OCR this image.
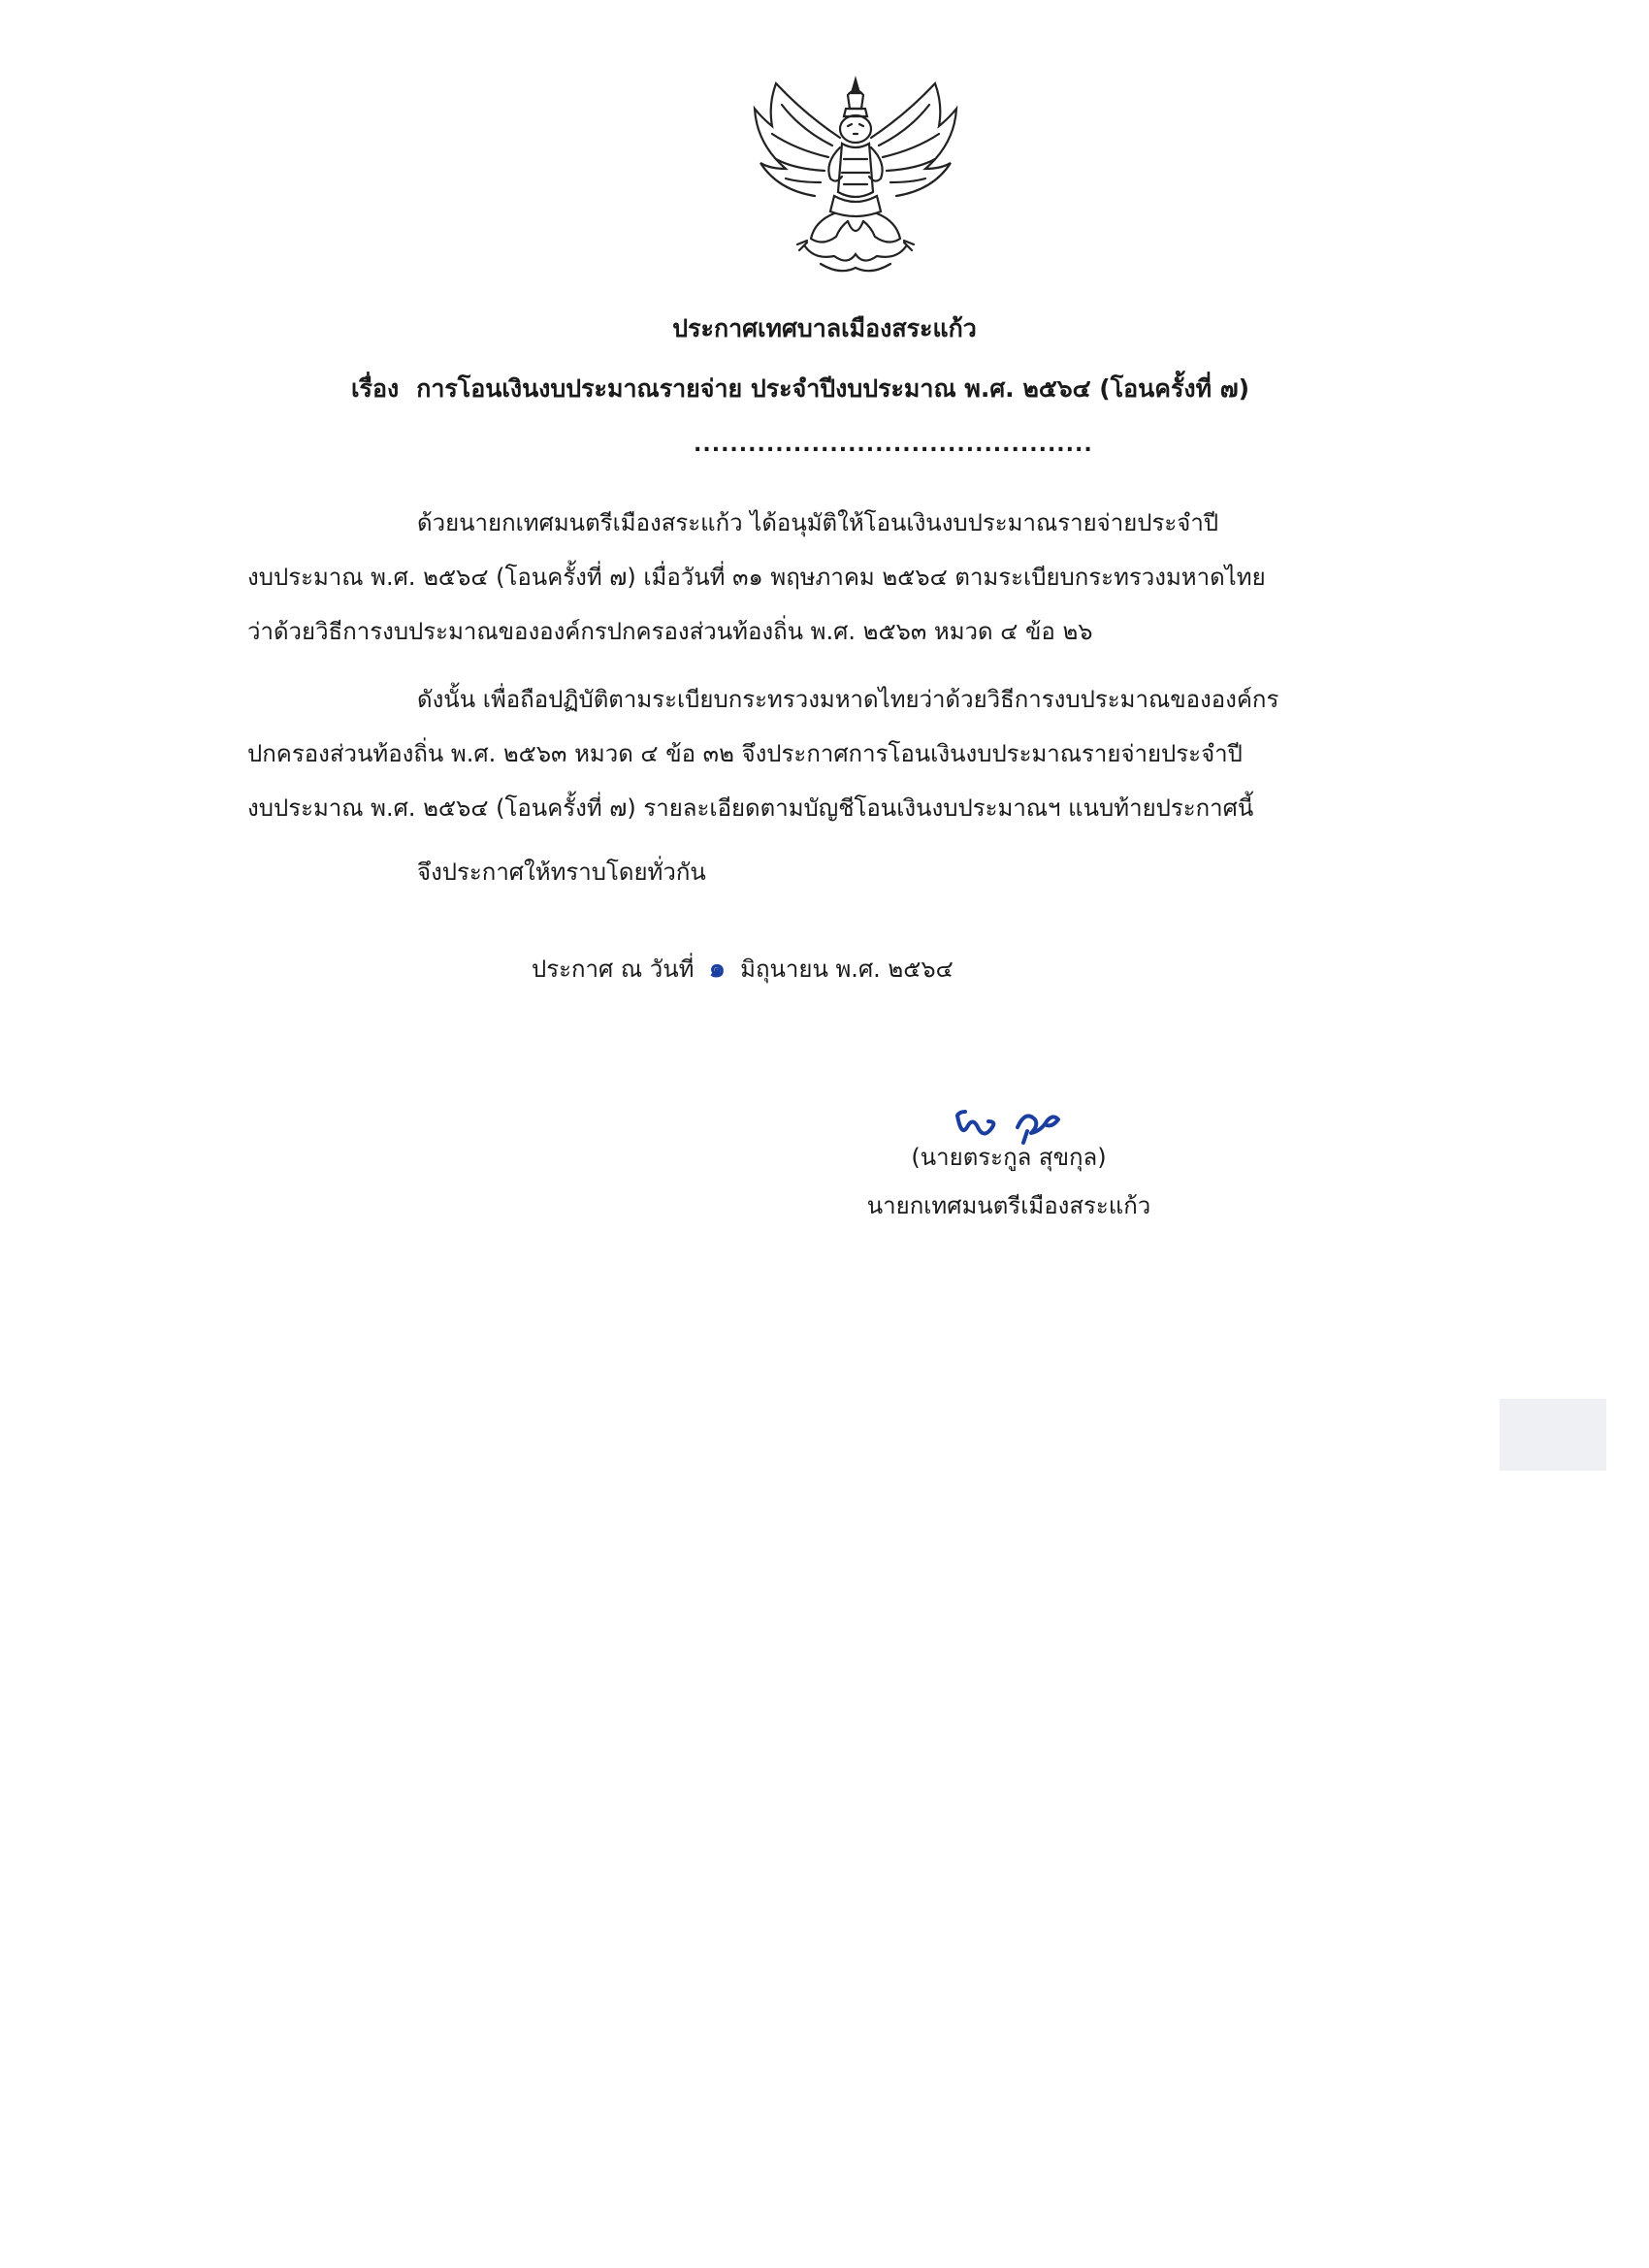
ประกาศเทศบาลเมืองสระแก้ว
เรื่อง การโอนเงินงบประมาณรายจ่าย ประจำปีงบประมาณ พ.ศ. ๒๕๖๔ (โอนครั้งที่ ๗)
............................................
ด้วยนายกเทศมนตรีเมืองสระแก้ว ได้อนุมัติให้โอนเงินงบประมาณรายจ่ายประจำปี
งบประมาณ พ.ศ. ๒๕๖๔ (โอนครั้งที่ ๗) เมื่อวันที่ ๓๑ พฤษภาคม ๒๕๖๔ ตามระเบียบกระทรวงมหาดไทย
ว่าด้วยวิธีการงบประมาณขององค์กรปกครองส่วนท้องถิ่น พ.ศ. ๒๕๖๓ หมวด ๔ ข้อ ๒๖
ดังนั้น เพื่อถือปฏิบัติตามระเบียบกระทรวงมหาดไทยว่าด้วยวิธีการงบประมาณขององค์กร
ปกครองส่วนท้องถิ่น พ.ศ. ๒๕๖๓ หมวด ๔ ข้อ ๓๒ จึงประกาศการโอนเงินงบประมาณรายจ่ายประจำปี
งบประมาณ พ.ศ. ๒๕๖๔ (โอนครั้งที่ ๗) รายละเอียดตามบัญชีโอนเงินงบประมาณฯ แนบท้ายประกาศนี้
จึงประกาศให้ทราบโดยทั่วกัน
ประกาศ ณ วันที่ ๑ มิถุนายน พ.ศ. ๒๕๖๔
(นายตระกูล สุขกุล)
นายกเทศมนตรีเมืองสระแก้ว
